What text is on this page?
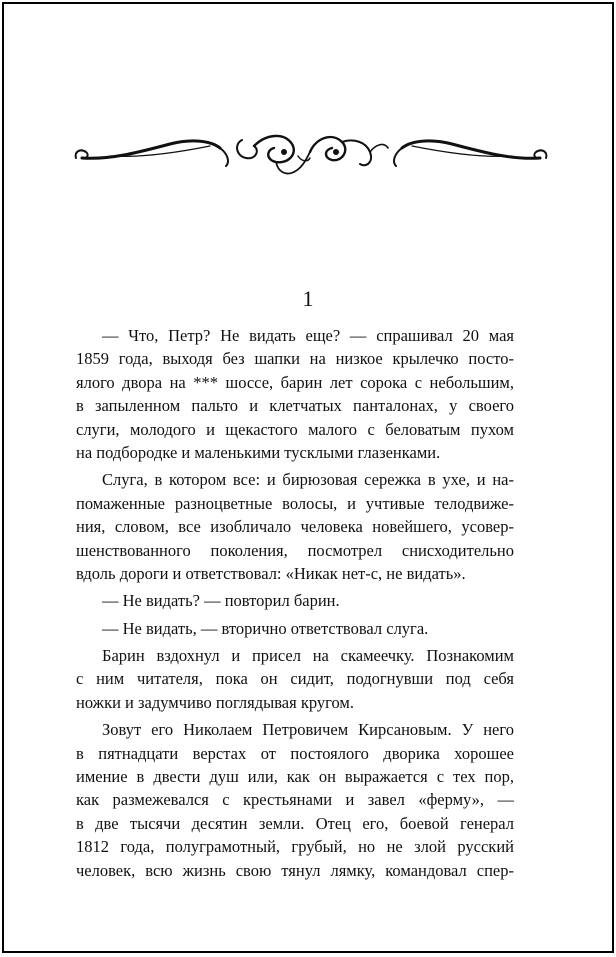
1
— Что, Петр? Не видать еще? — спрашивал 20 мая
1859 года, выходя без шапки на низкое крылечко посто-
ялого двора на *** шоссе, барин лет сорока с небольшим,
в запыленном пальто и клетчатых панталонах, у своего
слуги, молодого и щекастого малого с беловатым пухом
на подбородке и маленькими тусклыми глазенками.
Слуга, в котором все: и бирюзовая сережка в ухе, и на-
помаженные разноцветные волосы, и учтивые телодвиже-
ния, словом, все изобличало человека новейшего, усовер-
шенствованного поколения, посмотрел снисходительно
вдоль дороги и ответствовал: «Никак нет-с, не видать».
— Не видать? — повторил барин.
— Не видать, — вторично ответствовал слуга.
Барин вздохнул и присел на скамеечку. Познакомим
с ним читателя, пока он сидит, подогнувши под себя
ножки и задумчиво поглядывая кругом.
Зовут его Николаем Петровичем Кирсановым. У него
в пятнадцати верстах от постоялого дворика хорошее
имение в двести душ или, как он выражается с тех пор,
как размежевался с крестьянами и завел «ферму», —
в две тысячи десятин земли. Отец его, боевой генерал
1812 года, полуграмотный, грубый, но не злой русский
человек, всю жизнь свою тянул лямку, командовал спер-
